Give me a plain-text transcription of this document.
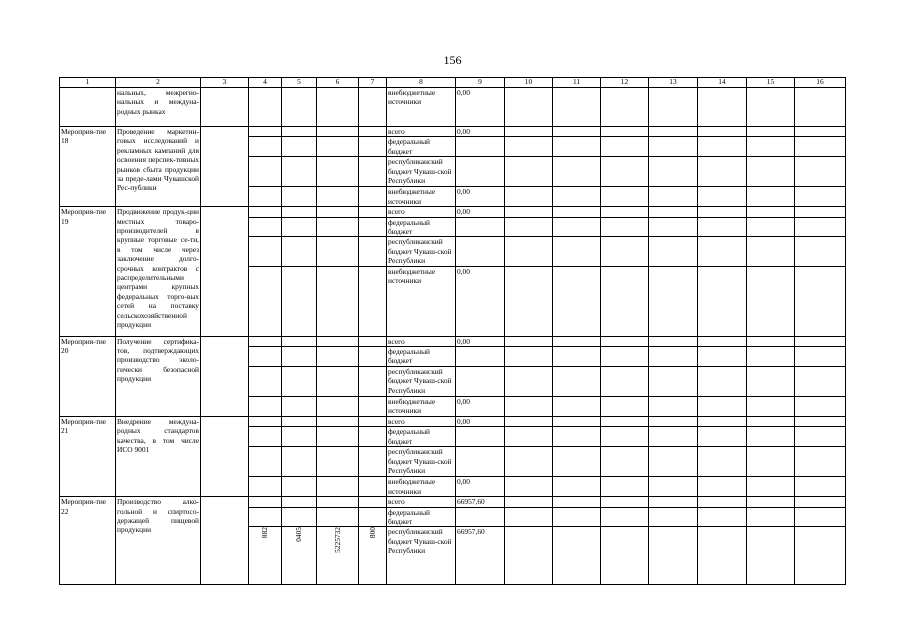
156
1	2	3	4	5	6	7	8	9	10	11	12	13	14	15	16
	нальных, межрегио-нальных и междуна-родных рынках						внебюджетные источники	0,00							
Мероприя-тие 18	Проведение маркетин-говых исследований и рекламных кампаний для освоения перспек-тивных рынков сбыта продукции за преде-лами Чувашской Рес-публики						всего	0,00							
							федеральный бюджет								
							республиканский бюджет Чуваш-ской Республики								
							внебюджетные источники	0,00							
Мероприя-тие 19	Продвижение продук-ции местных товаро-производителей в крупные торговые се-ти, в том числе через заключение долго-срочных контрактов с распределительными центрами крупных федеральных торго-вых сетей на поставку сельскохозяйственной продукции						всего	0,00							
							федеральный бюджет								
							республиканский бюджет Чуваш-ской Республики								
							внебюджетные источники	0,00							
Мероприя-тие 20	Получение сертифика-тов, подтверждающих производство эколо-гически безопасной продукции						всего	0,00							
							федеральный бюджет								
							республиканский бюджет Чуваш-ской Республики								
							внебюджетные источники	0,00							
Мероприя-тие 21	Внедрение междуна-родных стандартов качества, в том числе ИСО 9001						всего	0,00							
							федеральный бюджет								
							республиканский бюджет Чуваш-ской Республики								
							внебюджетные источники	0,00							
Мероприя-тие 22	Производство алко-гольной и спиртосо-держащей пищевой продукции						всего	66957,60							
							федеральный бюджет								
			882	0405	5225732	800	республиканский бюджет Чуваш-ской Республики	66957,60							
